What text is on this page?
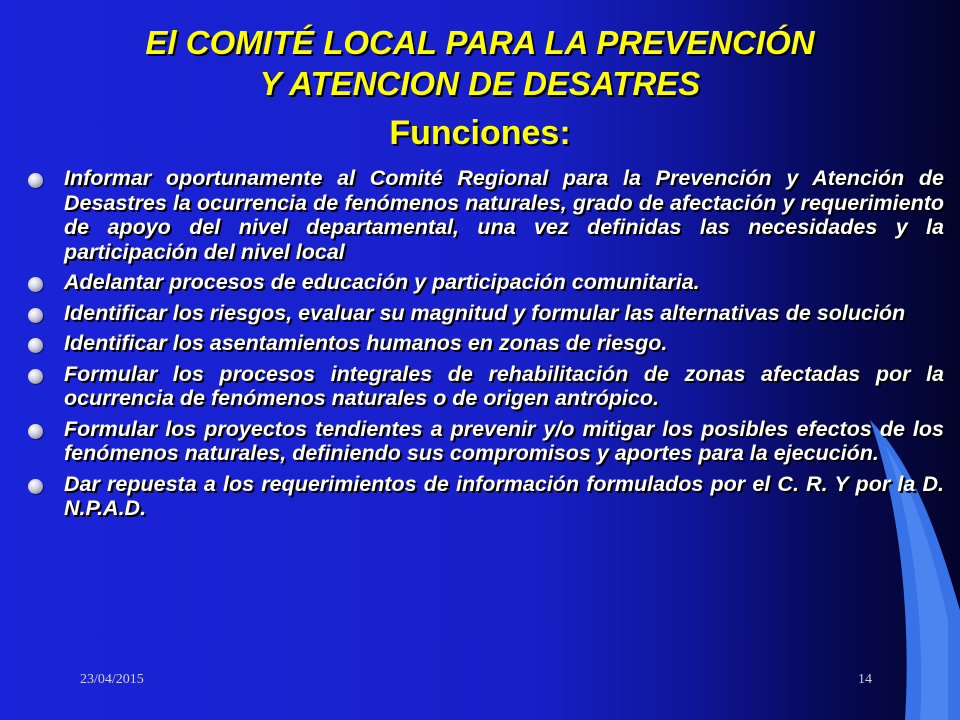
El COMITÉ LOCAL PARA LA PREVENCIÓN
Y ATENCION DE DESATRES
Funciones:
Informar oportunamente al Comité Regional para la Prevención y Atención de Desastres la ocurrencia de fenómenos naturales, grado de afectación y requerimiento de apoyo del nivel departamental, una vez definidas las necesidades y la participación del nivel local
Adelantar procesos de educación y participación comunitaria.
Identificar los riesgos, evaluar su magnitud y formular las alternativas de solución
Identificar los asentamientos humanos en zonas de riesgo.
Formular los procesos integrales de rehabilitación de zonas afectadas por la ocurrencia de fenómenos naturales o de origen antrópico.
Formular los proyectos tendientes a prevenir y/o mitigar los posibles efectos de los fenómenos naturales, definiendo sus compromisos y aportes para la ejecución.
Dar repuesta a los requerimientos de información formulados por el C. R. Y por la D. N.P.A.D.
23/04/2015	14
